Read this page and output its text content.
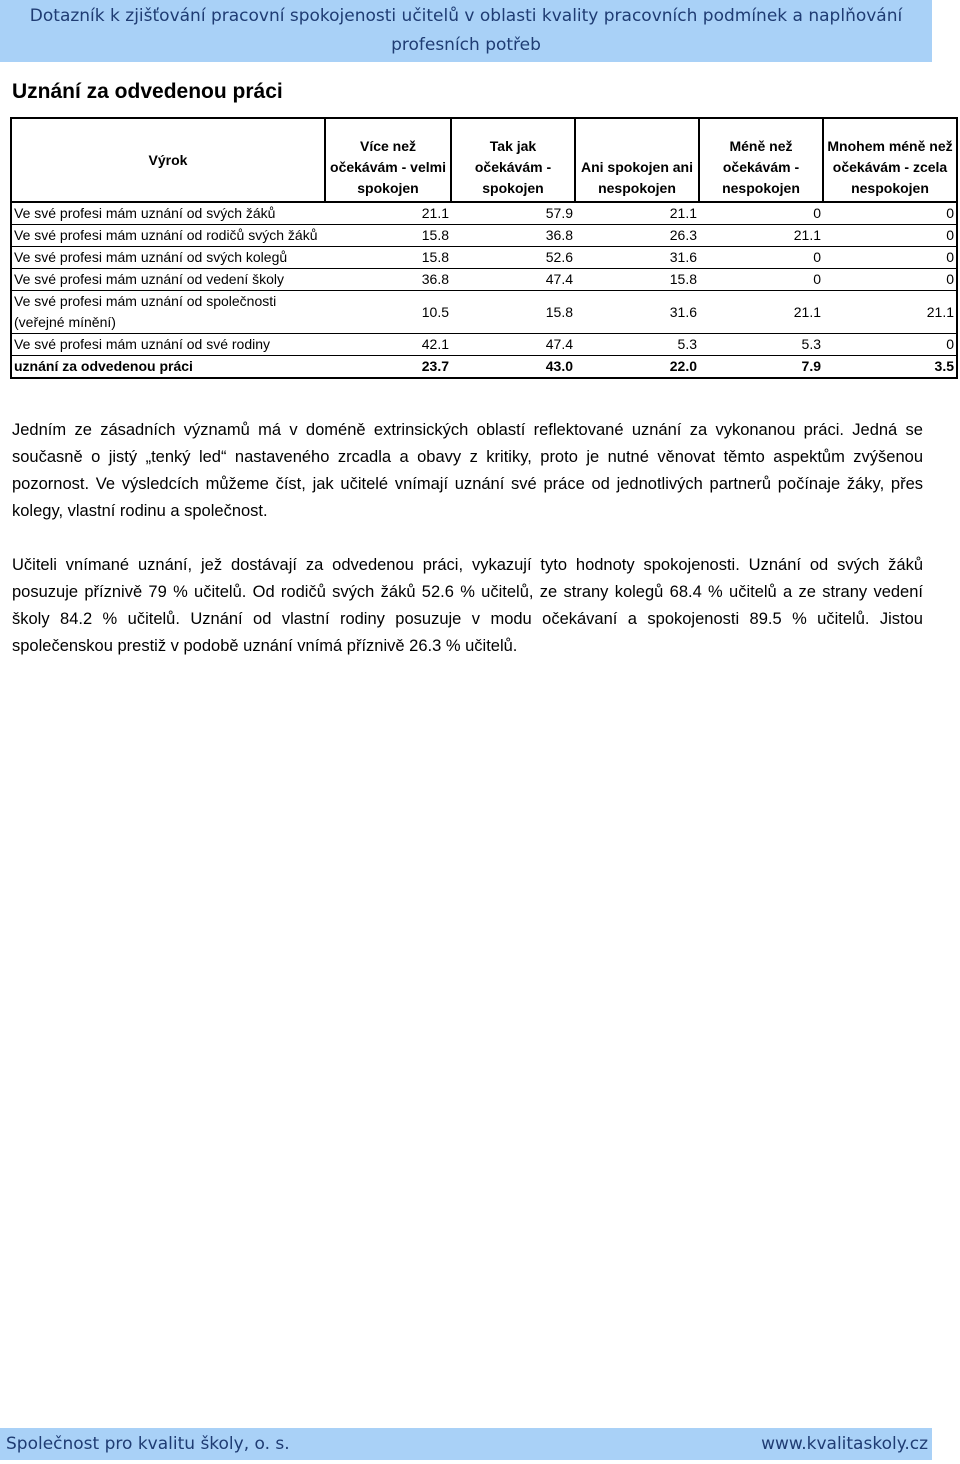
Dotazník k zjišťování pracovní spokojenosti učitelů v oblasti kvality pracovních podmínek a naplňování
profesních potřeb
Uznání za odvedenou práci
Výrok	Více než očekávám - velmi spokojen	Tak jak očekávám - spokojen	Ani spokojen ani nespokojen	Méně než očekávám - nespokojen	Mnohem méně než očekávám - zcela nespokojen
Ve své profesi mám uznání od svých žáků	21.1	57.9	21.1	0	0
Ve své profesi mám uznání od rodičů svých žáků	15.8	36.8	26.3	21.1	0
Ve své profesi mám uznání od svých kolegů	15.8	52.6	31.6	0	0
Ve své profesi mám uznání od vedení školy	36.8	47.4	15.8	0	0
Ve své profesi mám uznání od společnosti (veřejné mínění)	10.5	15.8	31.6	21.1	21.1
Ve své profesi mám uznání od své rodiny	42.1	47.4	5.3	5.3	0
uznání za odvedenou práci	23.7	43.0	22.0	7.9	3.5
Jedním ze zásadních významů má v doméně extrinsických oblastí reflektované uznání za vykonanou práci. Jedná se současně o jistý „tenký led“ nastaveného zrcadla a obavy z kritiky, proto je nutné věnovat těmto aspektům zvýšenou pozornost. Ve výsledcích můžeme číst, jak učitelé vnímají uznání své práce od jednotlivých partnerů počínaje žáky, přes kolegy, vlastní rodinu a společnost.
Učiteli vnímané uznání, jež dostávají za odvedenou práci, vykazují tyto hodnoty spokojenosti. Uznání od svých žáků posuzuje příznivě 79 % učitelů. Od rodičů svých žáků 52.6 % učitelů, ze strany kolegů 68.4 % učitelů a ze strany vedení školy 84.2 % učitelů. Uznání od vlastní rodiny posuzuje v modu očekávaní a spokojenosti 89.5 % učitelů. Jistou společenskou prestiž v podobě uznání vnímá příznivě 26.3 % učitelů.
Společnost pro kvalitu školy, o. s.	www.kvalitaskoly.cz
